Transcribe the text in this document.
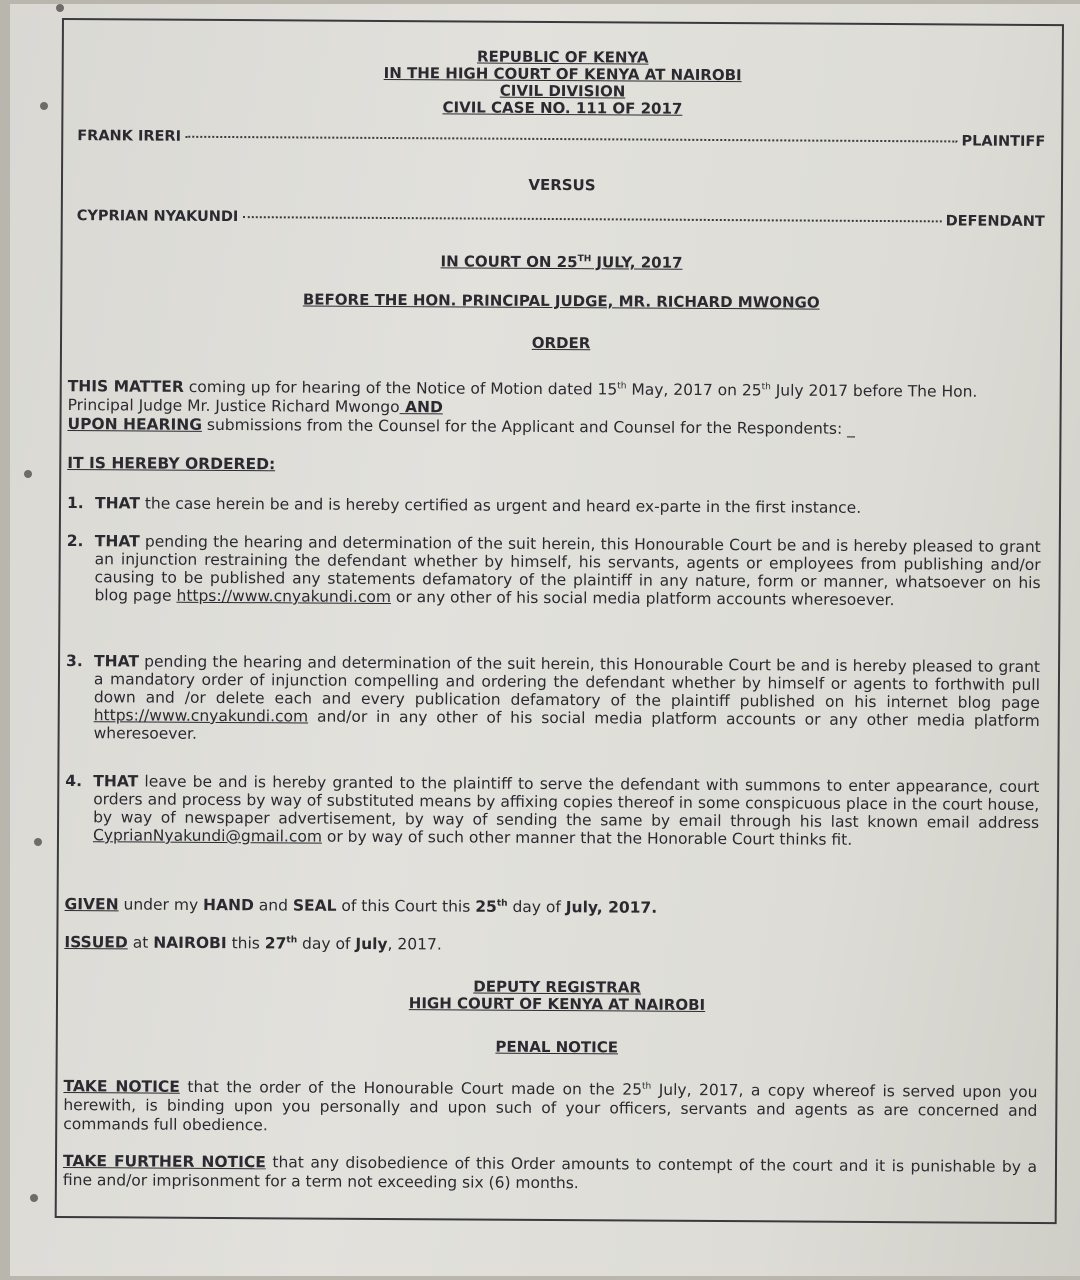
REPUBLIC OF KENYA
IN THE HIGH COURT OF KENYA AT NAIROBI
CIVIL DIVISION
CIVIL CASE NO. 111 OF 2017
FRANK IRERI	PLAINTIFF
VERSUS
CYPRIAN NYAKUNDI	DEFENDANT
IN COURT ON 25TH JULY, 2017
BEFORE THE HON. PRINCIPAL JUDGE, MR. RICHARD MWONGO
ORDER
THIS MATTER coming up for hearing of the Notice of Motion dated 15th May, 2017 on 25th July 2017 before The Hon. Principal Judge Mr. Justice Richard Mwongo AND
UPON HEARING submissions from the Counsel for the Applicant and Counsel for the Respondents: _
IT IS HEREBY ORDERED:
1. THAT the case herein be and is hereby certified as urgent and heard ex-parte in the first instance.
2. THAT pending the hearing and determination of the suit herein, this Honourable Court be and is hereby pleased to grant an injunction restraining the defendant whether by himself, his servants, agents or employees from publishing and/or causing to be published any statements defamatory of the plaintiff in any nature, form or manner, whatsoever on his blog page https://www.cnyakundi.com or any other of his social media platform accounts wheresoever.
3. THAT pending the hearing and determination of the suit herein, this Honourable Court be and is hereby pleased to grant a mandatory order of injunction compelling and ordering the defendant whether by himself or agents to forthwith pull down and /or delete each and every publication defamatory of the plaintiff published on his internet blog page https://www.cnyakundi.com and/or in any other of his social media platform accounts or any other media platform wheresoever.
4. THAT leave be and is hereby granted to the plaintiff to serve the defendant with summons to enter appearance, court orders and process by way of substituted means by affixing copies thereof in some conspicuous place in the court house, by way of newspaper advertisement, by way of sending the same by email through his last known email address CyprianNyakundi@gmail.com or by way of such other manner that the Honorable Court thinks fit.
GIVEN under my HAND and SEAL of this Court this 25th day of July, 2017.
ISSUED at NAIROBI this 27th day of July, 2017.
DEPUTY REGISTRAR
HIGH COURT OF KENYA AT NAIROBI
PENAL NOTICE
TAKE NOTICE that the order of the Honourable Court made on the 25th July, 2017, a copy whereof is served upon you herewith, is binding upon you personally and upon such of your officers, servants and agents as are concerned and commands full obedience.
TAKE FURTHER NOTICE that any disobedience of this Order amounts to contempt of the court and it is punishable by a fine and/or imprisonment for a term not exceeding six (6) months.
